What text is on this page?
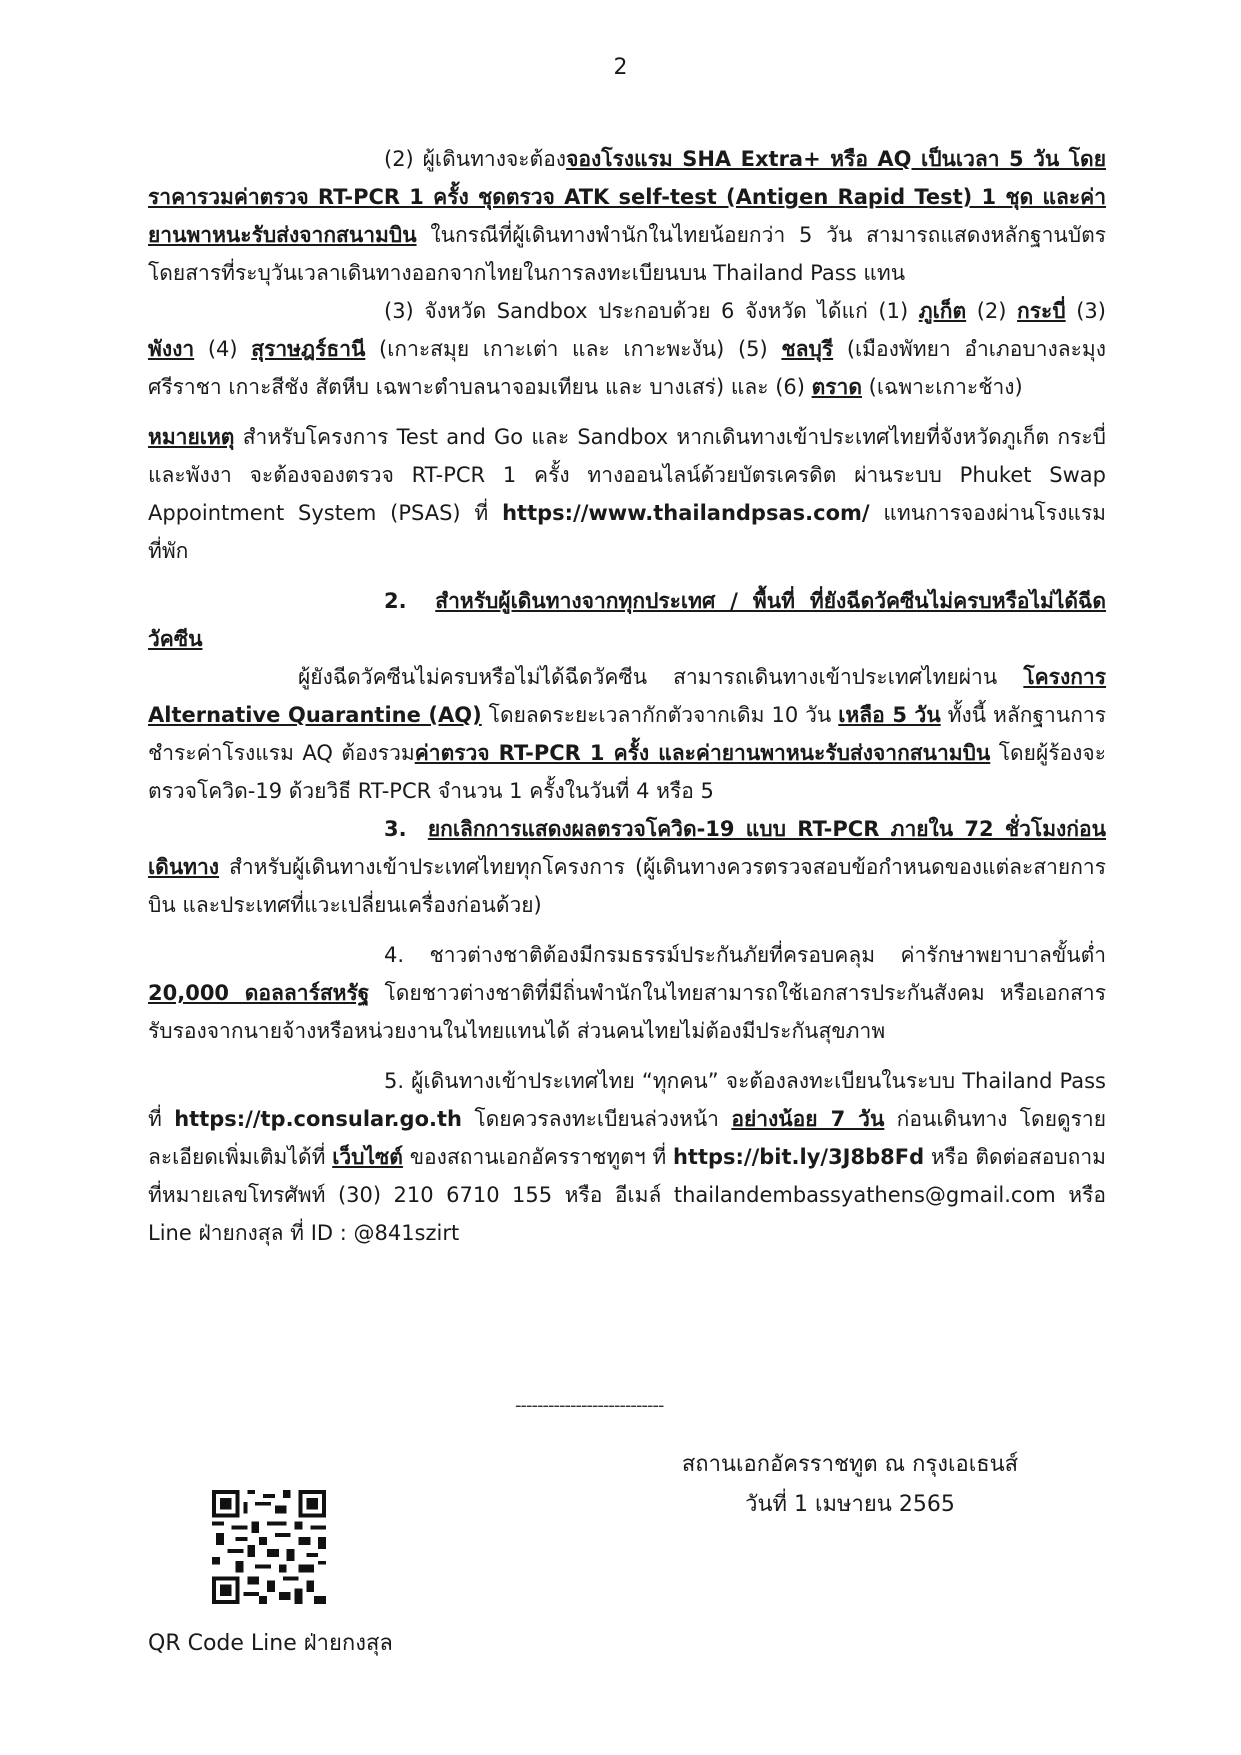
2

(2) ผู้เดินทางจะต้องจองโรงแรม SHA Extra+ หรือ AQ เป็นเวลา 5 วัน โดยราคารวมค่าตรวจ RT-PCR 1 ครั้ง ชุดตรวจ ATK self-test (Antigen Rapid Test) 1 ชุด และค่ายานพาหนะรับส่งจากสนามบิน ในกรณีที่ผู้เดินทางพำนักในไทยน้อยกว่า 5 วัน สามารถแสดงหลักฐานบัตรโดยสารที่ระบุวันเวลาเดินทางออกจากไทยในการลงทะเบียนบน Thailand Pass แทน

(3) จังหวัด Sandbox ประกอบด้วย 6 จังหวัด ได้แก่ (1) ภูเก็ต (2) กระบี่ (3) พังงา (4) สุราษฎร์ธานี (เกาะสมุย เกาะเต่า และ เกาะพะงัน) (5) ชลบุรี (เมืองพัทยา อำเภอบางละมุง ศรีราชา เกาะสีชัง สัตหีบ เฉพาะตำบลนาจอมเทียน และ บางเสร่) และ (6) ตราด (เฉพาะเกาะช้าง)

หมายเหตุ สำหรับโครงการ Test and Go และ Sandbox หากเดินทางเข้าประเทศไทยที่จังหวัดภูเก็ต กระบี่ และพังงา จะต้องจองตรวจ RT-PCR 1 ครั้ง ทางออนไลน์ด้วยบัตรเครดิต ผ่านระบบ Phuket Swap Appointment System (PSAS) ที่ https://www.thailandpsas.com/ แทนการจองผ่านโรงแรมที่พัก

2. สำหรับผู้เดินทางจากทุกประเทศ / พื้นที่ ที่ยังฉีดวัคซีนไม่ครบหรือไม่ได้ฉีดวัคซีน

ผู้ยังฉีดวัคซีนไม่ครบหรือไม่ได้ฉีดวัคซีน สามารถเดินทางเข้าประเทศไทยผ่าน โครงการ Alternative Quarantine (AQ) โดยลดระยะเวลากักตัวจากเดิม 10 วัน เหลือ 5 วัน ทั้งนี้ หลักฐานการชำระค่าโรงแรม AQ ต้องรวมค่าตรวจ RT-PCR 1 ครั้ง และค่ายานพาหนะรับส่งจากสนามบิน โดยผู้ร้องจะตรวจโควิด-19 ด้วยวิธี RT-PCR จำนวน 1 ครั้งในวันที่ 4 หรือ 5

3. ยกเลิกการแสดงผลตรวจโควิด-19 แบบ RT-PCR ภายใน 72 ชั่วโมงก่อนเดินทาง สำหรับผู้เดินทางเข้าประเทศไทยทุกโครงการ (ผู้เดินทางควรตรวจสอบข้อกำหนดของแต่ละสายการบิน และประเทศที่แวะเปลี่ยนเครื่องก่อนด้วย)

4. ชาวต่างชาติต้องมีกรมธรรม์ประกันภัยที่ครอบคลุม ค่ารักษาพยาบาลขั้นต่ำ 20,000 ดอลลาร์สหรัฐ โดยชาวต่างชาติที่มีถิ่นพำนักในไทยสามารถใช้เอกสารประกันสังคม หรือเอกสารรับรองจากนายจ้างหรือหน่วยงานในไทยแทนได้ ส่วนคนไทยไม่ต้องมีประกันสุขภาพ

5. ผู้เดินทางเข้าประเทศไทย “ทุกคน” จะต้องลงทะเบียนในระบบ Thailand Pass ที่ https://tp.consular.go.th โดยควรลงทะเบียนล่วงหน้า อย่างน้อย 7 วัน ก่อนเดินทาง โดยดูรายละเอียดเพิ่มเติมได้ที่ เว็บไซต์ ของสถานเอกอัครราชทูตฯ ที่ https://bit.ly/3J8b8Fd หรือ ติดต่อสอบถามที่หมายเลขโทรศัพท์ (30) 210 6710 155 หรือ อีเมล์ thailandembassyathens@gmail.com หรือ Line ฝ่ายกงสุล ที่ ID : @841szirt

---------------------------
สถานเอกอัครราชทูต ณ กรุงเอเธนส์
วันที่ 1 เมษายน 2565
QR Code Line ฝ่ายกงสุล
